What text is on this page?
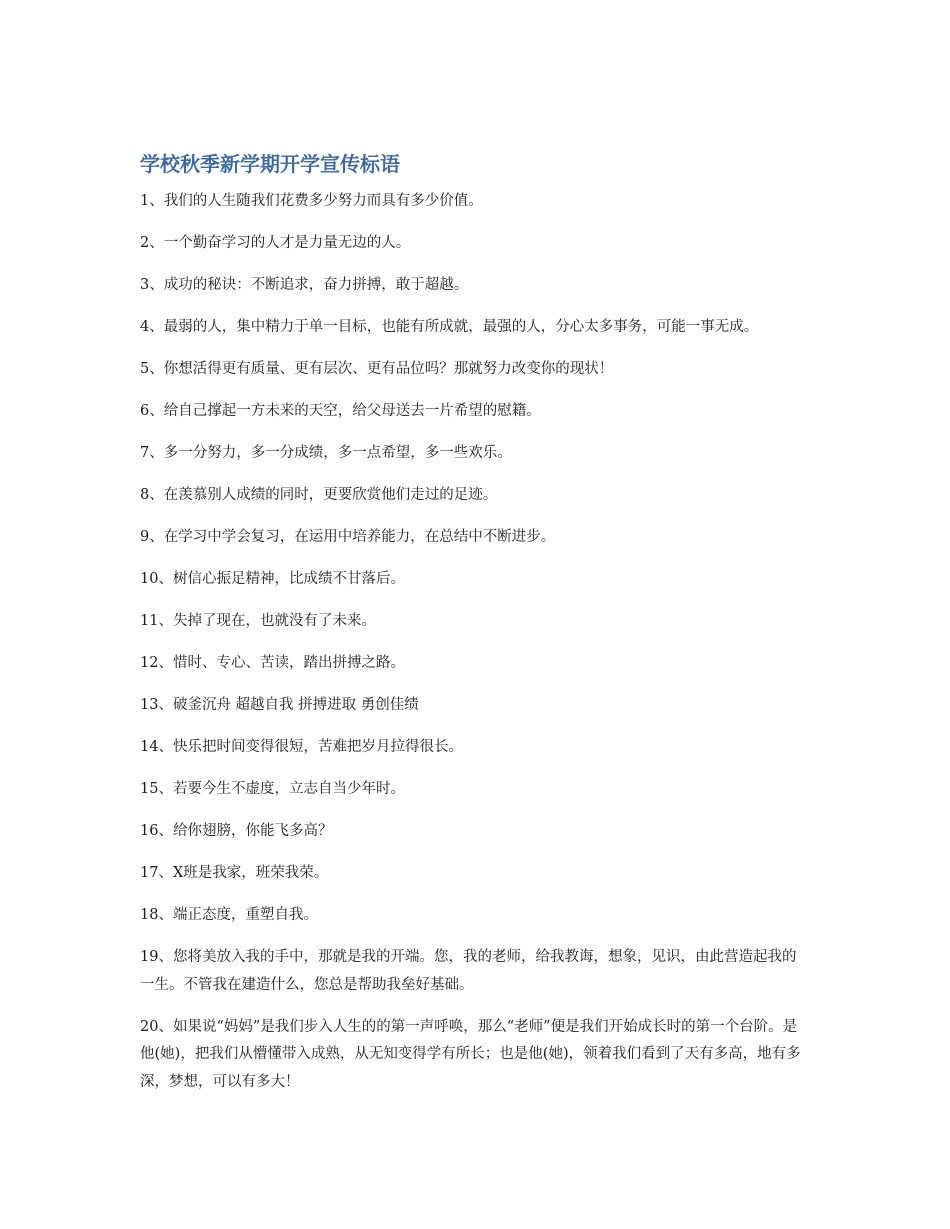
学校秋季新学期开学宣传标语

1、我们的人生随我们花费多少努力而具有多少价值。

2、一个勤奋学习的人才是力量无边的人。

3、成功的秘诀：不断追求，奋力拼搏，敢于超越。

4、最弱的人，集中精力于单一目标，也能有所成就，最强的人，分心太多事务，可能一事无成。

5、你想活得更有质量、更有层次、更有品位吗？那就努力改变你的现状！

6、给自己撑起一方未来的天空，给父母送去一片希望的慰籍。

7、多一分努力，多一分成绩，多一点希望，多一些欢乐。

8、在羡慕别人成绩的同时，更要欣赏他们走过的足迹。

9、在学习中学会复习，在运用中培养能力，在总结中不断进步。

10、树信心振足精神，比成绩不甘落后。

11、失掉了现在，也就没有了未来。

12、惜时、专心、苦读，踏出拼搏之路。

13、破釜沉舟 超越自我 拼搏进取 勇创佳绩

14、快乐把时间变得很短，苦难把岁月拉得很长。

15、若要今生不虚度，立志自当少年时。

16、给你翅膀，你能飞多高？

17、X班是我家，班荣我荣。

18、端正态度，重塑自我。

19、您将美放入我的手中，那就是我的开端。您，我的老师，给我教诲，想象，见识，由此营造起我的一生。不管我在建造什么，您总是帮助我垒好基础。

20、如果说“妈妈”是我们步入人生的的第一声呼唤，那么“老师”便是我们开始成长时的第一个台阶。是他(她)，把我们从懵懂带入成熟，从无知变得学有所长；也是他(她)，领着我们看到了天有多高，地有多深，梦想，可以有多大！
